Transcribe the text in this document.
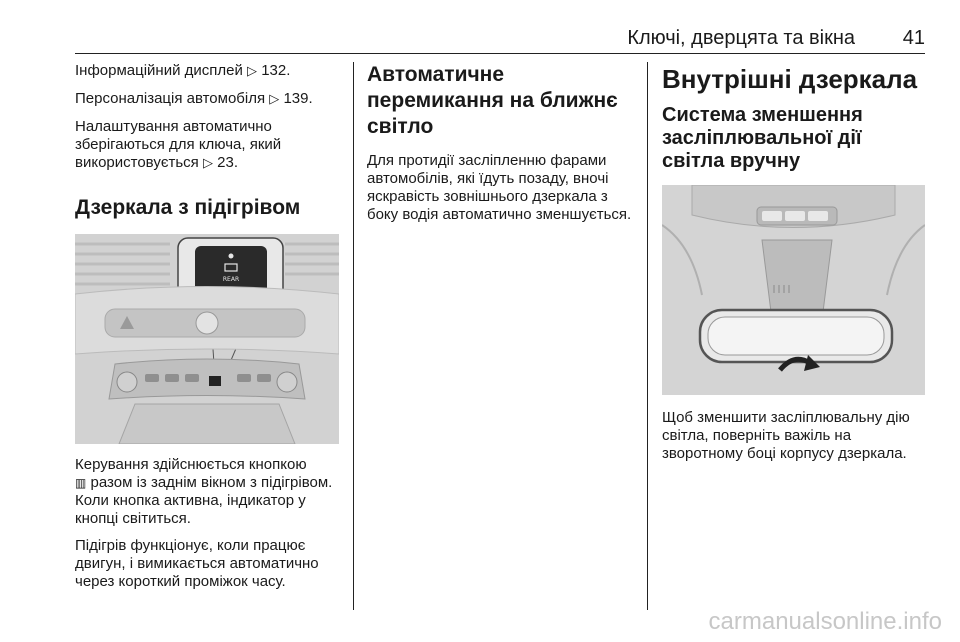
Ключі, дверцята та вікна 41

Інформаційний дисплей ▷ 132.

Персоналізація автомобіля ▷ 139.

Налаштування автоматично зберігаються для ключа, який використовується ▷ 23.

Дзеркала з підігрівом
REAR

Керування здійснюється кнопкою
▥ разом із заднім вікном з підігрівом. Коли кнопка активна, індикатор у кнопці світиться.

Підігрів функціонує, коли працює двигун, і вимикається автоматично через короткий проміжок часу.

Автоматичне перемикання на ближнє світло

Для протидії засліпленню фарами автомобілів, які їдуть позаду, вночі яскравість зовнішнього дзеркала з боку водія автоматично зменшується.

Внутрішні дзеркала
Система зменшення засліплювальної дії світла вручну

Щоб зменшити засліплювальну дію світла, поверніть важіль на зворотному боці корпусу дзеркала.

carmanualsonline.info
